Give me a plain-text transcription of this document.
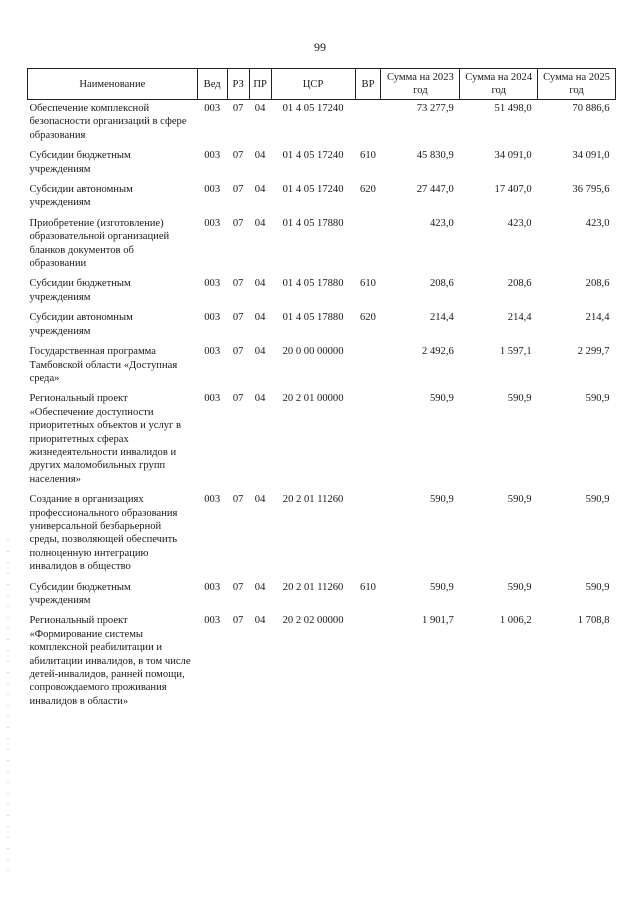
99
Наименование	Вед	РЗ	ПР	ЦСР	ВР	Сумма на 2023 год	Сумма на 2024 год	Сумма на 2025 год
Обеспечение комплексной безопасности организаций в сфере образования	003	07	04	01 4 05 17240		73 277,9	51 498,0	70 886,6
Субсидии бюджетным учреждениям	003	07	04	01 4 05 17240	610	45 830,9	34 091,0	34 091,0
Субсидии автономным учреждениям	003	07	04	01 4 05 17240	620	27 447,0	17 407,0	36 795,6
Приобретение (изготовление) образовательной организацией бланков документов об образовании	003	07	04	01 4 05 17880		423,0	423,0	423,0
Субсидии бюджетным учреждениям	003	07	04	01 4 05 17880	610	208,6	208,6	208,6
Субсидии автономным учреждениям	003	07	04	01 4 05 17880	620	214,4	214,4	214,4
Государственная программа Тамбовской области «Доступная среда»	003	07	04	20 0 00 00000		2 492,6	1 597,1	2 299,7
Региональный проект «Обеспечение доступности приоритетных объектов и услуг в приоритетных сферах жизнедеятельности инвалидов и других маломобильных групп населения»	003	07	04	20 2 01 00000		590,9	590,9	590,9
Создание в организациях профессионального образования универсальной безбарьерной среды, позволяющей обеспечить полноценную интеграцию инвалидов в общество	003	07	04	20 2 01 11260		590,9	590,9	590,9
Субсидии бюджетным учреждениям	003	07	04	20 2 01 11260	610	590,9	590,9	590,9
Региональный проект «Формирование системы комплексной реабилитации и абилитации инвалидов, в том числе детей-инвалидов, ранней помощи, сопровождаемого проживания инвалидов в области»	003	07	04	20 2 02 00000		1 901,7	1 006,2	1 708,8
